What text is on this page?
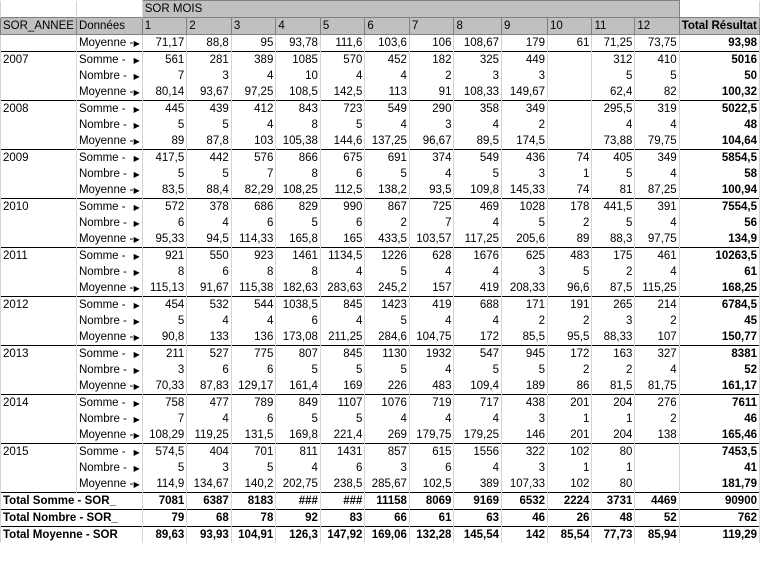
		SOR MOIS												
SOR_ANNEE	Données	1	2	3	4	5	6	7	8	9	10	11	12	Total Résultat
	Moyenne - ▶	71,17	88,8	95	93,78	111,6	103,6	106	108,67	179	61	71,25	73,75	93,98
2007	Somme - ▶	561	281	389	1085	570	452	182	325	449		312	410	5016
	Nombre - ▶	7	3	4	10	4	4	2	3	3		5	5	50
	Moyenne - ▶	80,14	93,67	97,25	108,5	142,5	113	91	108,33	149,67		62,4	82	100,32
2008	Somme - ▶	445	439	412	843	723	549	290	358	349		295,5	319	5022,5
	Nombre - ▶	5	5	4	8	5	4	3	4	2		4	4	48
	Moyenne - ▶	89	87,8	103	105,38	144,6	137,25	96,67	89,5	174,5		73,88	79,75	104,64
2009	Somme - ▶	417,5	442	576	866	675	691	374	549	436	74	405	349	5854,5
	Nombre - ▶	5	5	7	8	6	5	4	5	3	1	5	4	58
	Moyenne - ▶	83,5	88,4	82,29	108,25	112,5	138,2	93,5	109,8	145,33	74	81	87,25	100,94
2010	Somme - ▶	572	378	686	829	990	867	725	469	1028	178	441,5	391	7554,5
	Nombre - ▶	6	4	6	5	6	2	7	4	5	2	5	4	56
	Moyenne - ▶	95,33	94,5	114,33	165,8	165	433,5	103,57	117,25	205,6	89	88,3	97,75	134,9
2011	Somme - ▶	921	550	923	1461	1134,5	1226	628	1676	625	483	175	461	10263,5
	Nombre - ▶	8	6	8	8	4	5	4	4	3	5	2	4	61
	Moyenne - ▶	115,13	91,67	115,38	182,63	283,63	245,2	157	419	208,33	96,6	87,5	115,25	168,25
2012	Somme - ▶	454	532	544	1038,5	845	1423	419	688	171	191	265	214	6784,5
	Nombre - ▶	5	4	4	6	4	5	4	4	2	2	3	2	45
	Moyenne - ▶	90,8	133	136	173,08	211,25	284,6	104,75	172	85,5	95,5	88,33	107	150,77
2013	Somme - ▶	211	527	775	807	845	1130	1932	547	945	172	163	327	8381
	Nombre - ▶	3	6	6	5	5	5	4	5	5	2	2	4	52
	Moyenne - ▶	70,33	87,83	129,17	161,4	169	226	483	109,4	189	86	81,5	81,75	161,17
2014	Somme - ▶	758	477	789	849	1107	1076	719	717	438	201	204	276	7611
	Nombre - ▶	7	4	6	5	5	4	4	4	3	1	1	2	46
	Moyenne - ▶	108,29	119,25	131,5	169,8	221,4	269	179,75	179,25	146	201	204	138	165,46
2015	Somme - ▶	574,5	404	701	811	1431	857	615	1556	322	102	80		7453,5
	Nombre - ▶	5	3	5	4	6	3	6	4	3	1	1		41
	Moyenne - ▶	114,9	134,67	140,2	202,75	238,5	285,67	102,5	389	107,33	102	80		181,79
Total Somme - SOR_		7081	6387	8183	###	###	11158	8069	9169	6532	2224	3731	4469	90900
Total Nombre - SOR_		79	68	78	92	83	66	61	63	46	26	48	52	762
Total Moyenne - SOR		89,63	93,93	104,91	126,3	147,92	169,06	132,28	145,54	142	85,54	77,73	85,94	119,29
